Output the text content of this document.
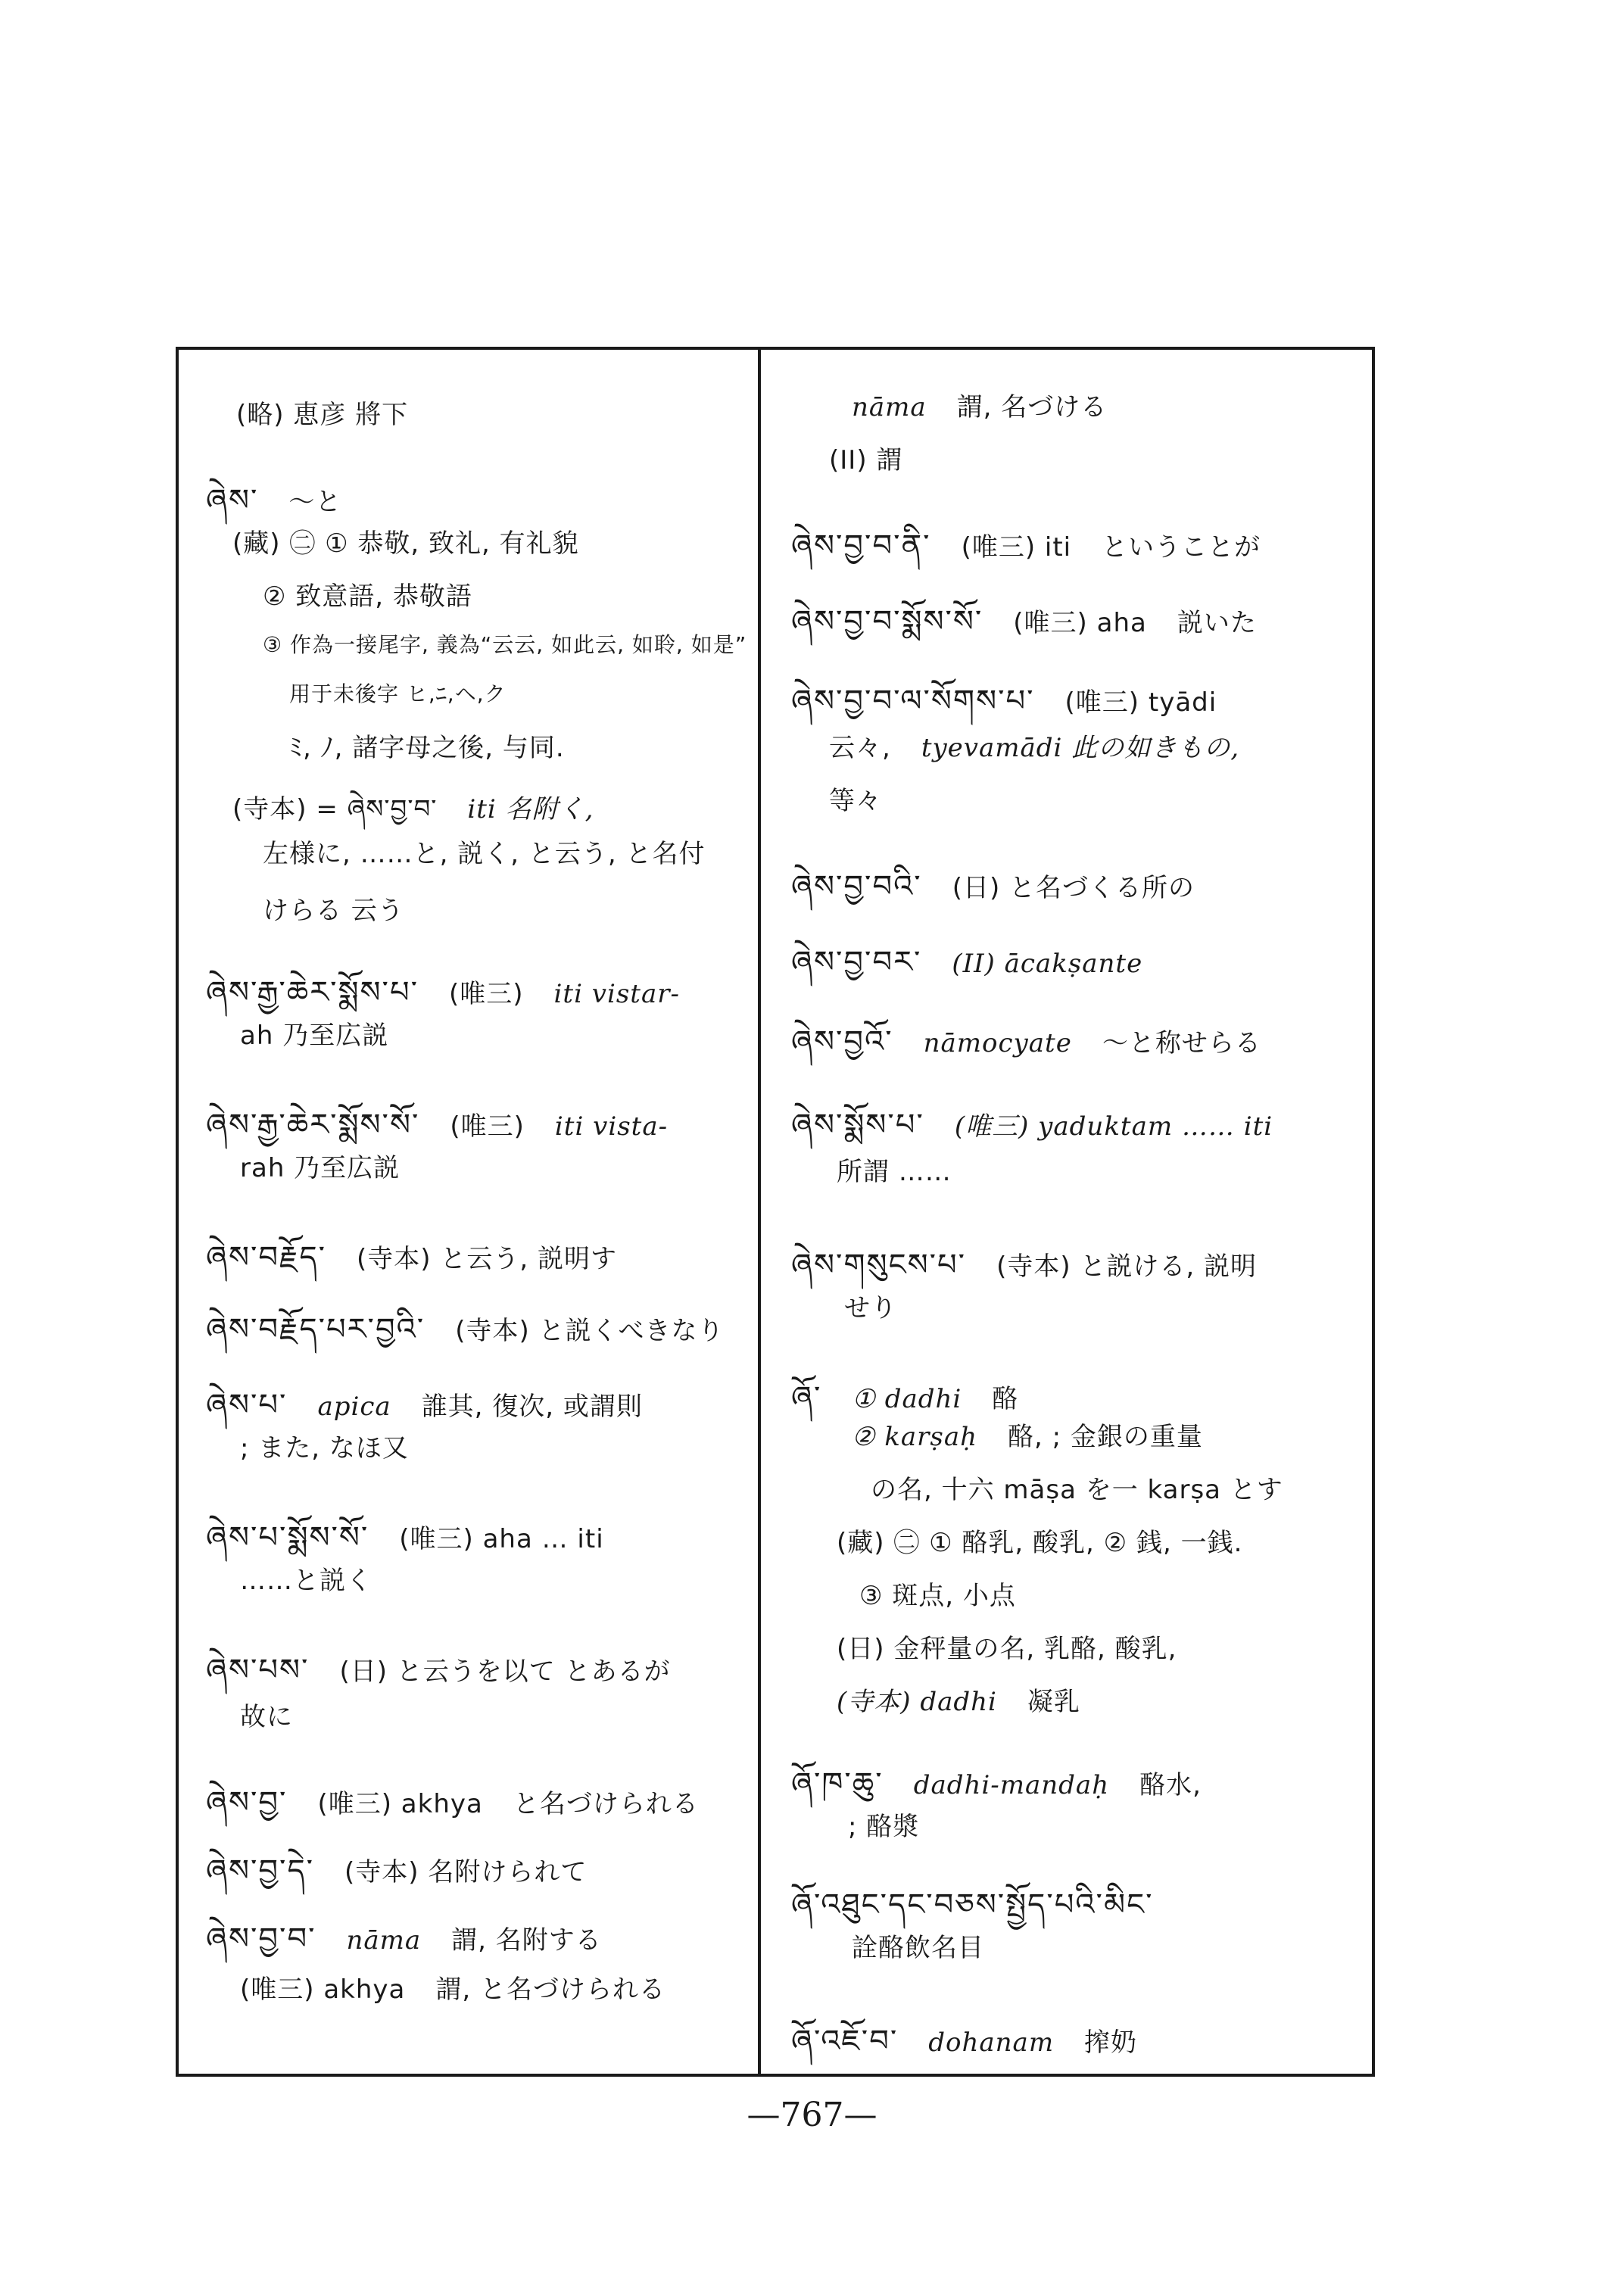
(略) 恵彦 將下
ཞེས་ ～と
(藏) ㊁ ① 恭敬, 致礼, 有礼貌
② 致意語, 恭敬語
③ 作為一接尾字, 義為“云云, 如此云, 如聆, 如是”
用于未後字 ヒ,ﾆ,ヘ,ク
ﾐ, ﾉ, 諸字母之後, 与同.
(寺本) = ཞེས་བྱ་བ་ iti 名附く,
左様に, ……と, 説く, と云う, と名付
けらる 云う
ཞེས་རྒྱ་ཆེར་སྨོས་པ་ (唯三) iti vistar-
ah 乃至広説
ཞེས་རྒྱ་ཆེར་སྨོས་སོ་ (唯三) iti vista-
rah 乃至広説
ཞེས་བརྗོད་ (寺本) と云う, 説明す
ཞེས་བརྗོད་པར་བྱའི་ (寺本) と説くべきなり
ཞེས་པ་ apica 誰其, 復次, 或謂則
; また, なほ又
ཞེས་པ་སྨོས་སོ་ (唯三) aha … iti
……と説く
ཞེས་པས་ (日) と云うを以て とあるが
故に
ཞེས་བྱ་ (唯三) akhya と名づけられる
ཞེས་བྱ་དེ་ (寺本) 名附けられて
ཞེས་བྱ་བ་ nāma 謂, 名附する
(唯三) akhya 謂, と名づけられる
nāma 謂, 名づける
(II) 謂
ཞེས་བྱ་བ་ནི་ (唯三) iti ということが
ཞེས་བྱ་བ་སྨོས་སོ་ (唯三) aha 説いた
ཞེས་བྱ་བ་ལ་སོགས་པ་ (唯三) tyādi
云々, tyevamādi 此の如きもの,
等々
ཞེས་བྱ་བའི་ (日) と名づくる所の
ཞེས་བྱ་བར་ (II) ācakṣante
ཞེས་བྱའོ་ nāmocyate ～と称せらる
ཞེས་སྨོས་པ་ (唯三) yaduktam …… iti
所謂 ……
ཞེས་གསུངས་པ་ (寺本) と説ける, 説明
せり
ཞོ་ ① dadhi 酪
② karṣaḥ 酪, ; 金銀の重量
の名, 十六 māṣa を一 karṣa とす
(藏) ㊁ ① 酪乳, 酸乳, ② 銭, 一銭.
③ 斑点, 小点
(日) 金秤量の名, 乳酪, 酸乳,
(寺本) dadhi 凝乳
ཞོ་ཁ་ཆུ་ dadhi-mandaḥ 酪水,
; 酪漿
ཞོ་འཐུང་དང་བཅས་སྤྱོད་པའི་མིང་
詮酪飲名目
ཞོ་འཇོ་བ་ dohanam 搾奶
—767—
